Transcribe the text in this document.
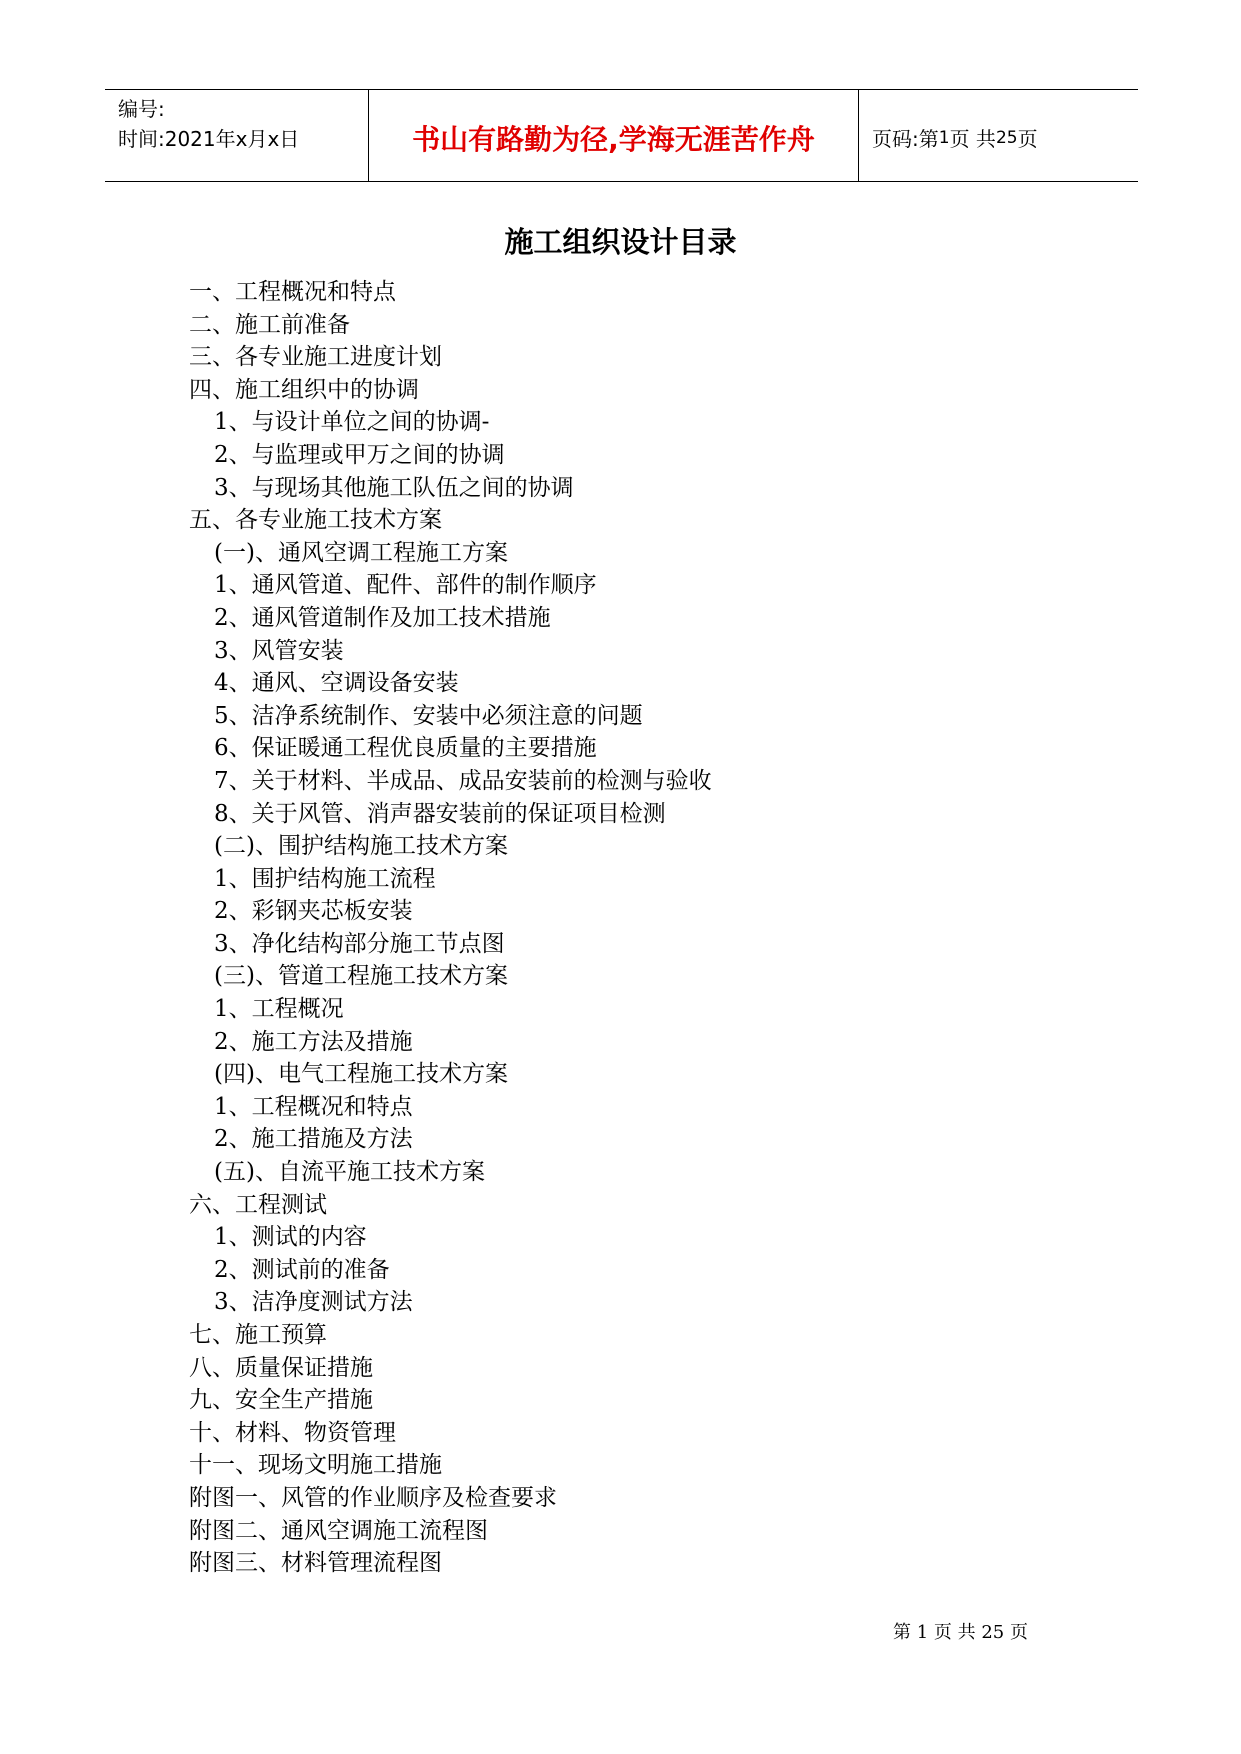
编号:
时间:2021年x月x日	书山有路勤为径,学海无涯苦作舟	页码:第 1 页 共 25 页
施工组织设计目录
一、工程概况和特点
二、施工前准备
三、各专业施工进度计划
四、施工组织中的协调
1、与设计单位之间的协调-
2、与监理或甲万之间的协调
3、与现场其他施工队伍之间的协调
五、各专业施工技术方案
(一)、通风空调工程施工方案
1、通风管道、配件、部件的制作顺序
2、通风管道制作及加工技术措施
3、风管安装
4、通风、空调设备安装
5、洁净系统制作、安装中必须注意的问题
6、保证暖通工程优良质量的主要措施
7、关于材料、半成品、成品安装前的检测与验收
8、关于风管、消声器安装前的保证项目检测
(二)、围护结构施工技术方案
1、围护结构施工流程
2、彩钢夹芯板安装
3、净化结构部分施工节点图
(三)、管道工程施工技术方案
1、工程概况
2、施工方法及措施
(四)、电气工程施工技术方案
1、工程概况和特点
2、施工措施及方法
(五)、自流平施工技术方案
六、工程测试
1、测试的内容
2、测试前的准备
3、洁净度测试方法
七、施工预算
八、质量保证措施
九、安全生产措施
十、材料、物资管理
十一、现场文明施工措施
附图一、风管的作业顺序及检查要求
附图二、通风空调施工流程图
附图三、材料管理流程图
第 1 页 共 25 页
